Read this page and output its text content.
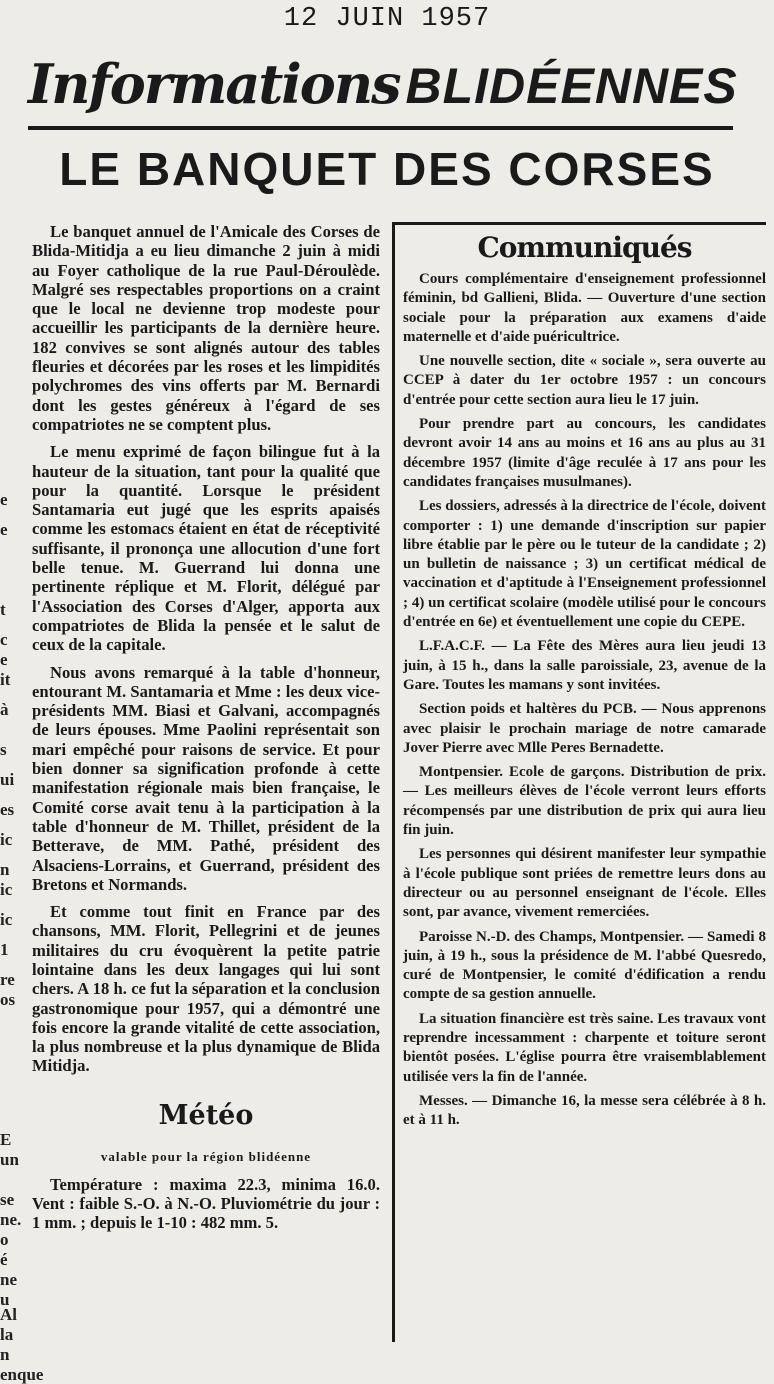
12 JUIN 1957
Informations BLIDÉENNES
LE BANQUET DES CORSES
e
e
t
c
e
it
à
s
ui
es
ic
n
ic
ic
1
re
os
E
un
se
ne.
o
é
ne
u
Al
la
n
enque

Le banquet annuel de l'Amicale des Corses de Blida-Mitidja a eu lieu dimanche 2 juin à midi au Foyer catholique de la rue Paul-Déroulède. Malgré ses respectables proportions on a craint que le local ne devienne trop modeste pour accueillir les participants de la dernière heure. 182 convives se sont alignés autour des tables fleuries et décorées par les roses et les limpidités polychromes des vins offerts par M. Bernardi dont les gestes généreux à l'égard de ses compatriotes ne se comptent plus.

Le menu exprimé de façon bilingue fut à la hauteur de la situation, tant pour la qualité que pour la quantité. Lorsque le président Santamaria eut jugé que les esprits apaisés comme les estomacs étaient en état de réceptivité suffisante, il prononça une allocution d'une fort belle tenue. M. Guerrand lui donna une pertinente réplique et M. Florit, délégué par l'Association des Corses d'Alger, apporta aux compatriotes de Blida la pensée et le salut de ceux de la capitale.

Nous avons remarqué à la table d'honneur, entourant M. Santamaria et Mme : les deux vice-présidents MM. Biasi et Galvani, accompagnés de leurs épouses. Mme Paolini représentait son mari empêché pour raisons de service. Et pour bien donner sa signification profonde à cette manifestation régionale mais bien française, le Comité corse avait tenu à la participation à la table d'honneur de M. Thillet, président de la Betterave, de MM. Pathé, président des Alsaciens-Lorrains, et Guerrand, président des Bretons et Normands.

Et comme tout finit en France par des chansons, MM. Florit, Pellegrini et de jeunes militaires du cru évoquèrent la petite patrie lointaine dans les deux langages qui lui sont chers. A 18 h. ce fut la séparation et la conclusion gastronomique pour 1957, qui a démontré une fois encore la grande vitalité de cette association, la plus nombreuse et la plus dynamique de Blida Mitidja.

Météo
valable pour la région blidéenne

Température : maxima 22.3, minima 16.0. Vent : faible S.-O. à N.-O. Pluviométrie du jour : 1 mm. ; depuis le 1-10 : 482 mm. 5.

Communiqués

Cours complémentaire d'enseignement professionnel féminin, bd Gallieni, Blida. — Ouverture d'une section sociale pour la préparation aux examens d'aide maternelle et d'aide puéricultrice.

Une nouvelle section, dite « sociale », sera ouverte au CCEP à dater du 1er octobre 1957 : un concours d'entrée pour cette section aura lieu le 17 juin.

Pour prendre part au concours, les candidates devront avoir 14 ans au moins et 16 ans au plus au 31 décembre 1957 (limite d'âge reculée à 17 ans pour les candidates françaises musulmanes).

Les dossiers, adressés à la directrice de l'école, doivent comporter : 1) une demande d'inscription sur papier libre établie par le père ou le tuteur de la candidate ; 2) un bulletin de naissance ; 3) un certificat médical de vaccination et d'aptitude à l'Enseignement professionnel ; 4) un certificat scolaire (modèle utilisé pour le concours d'entrée en 6e) et éventuellement une copie du CEPE.

L.F.A.C.F. — La Fête des Mères aura lieu jeudi 13 juin, à 15 h., dans la salle paroissiale, 23, avenue de la Gare. Toutes les mamans y sont invitées.

Section poids et haltères du PCB. — Nous apprenons avec plaisir le prochain mariage de notre camarade Jover Pierre avec Mlle Peres Bernadette.

Montpensier. Ecole de garçons. Distribution de prix. — Les meilleurs élèves de l'école verront leurs efforts récompensés par une distribution de prix qui aura lieu fin juin.

Les personnes qui désirent manifester leur sympathie à l'école publique sont priées de remettre leurs dons au directeur ou au personnel enseignant de l'école. Elles sont, par avance, vivement remerciées.

Paroisse N.-D. des Champs, Montpensier. — Samedi 8 juin, à 19 h., sous la présidence de M. l'abbé Quesredo, curé de Montpensier, le comité d'édification a rendu compte de sa gestion annuelle.

La situation financière est très saine. Les travaux vont reprendre incessamment : charpente et toiture seront bientôt posées. L'église pourra être vraisemblablement utilisée vers la fin de l'année.

Messes. — Dimanche 16, la messe sera célébrée à 8 h. et à 11 h.
